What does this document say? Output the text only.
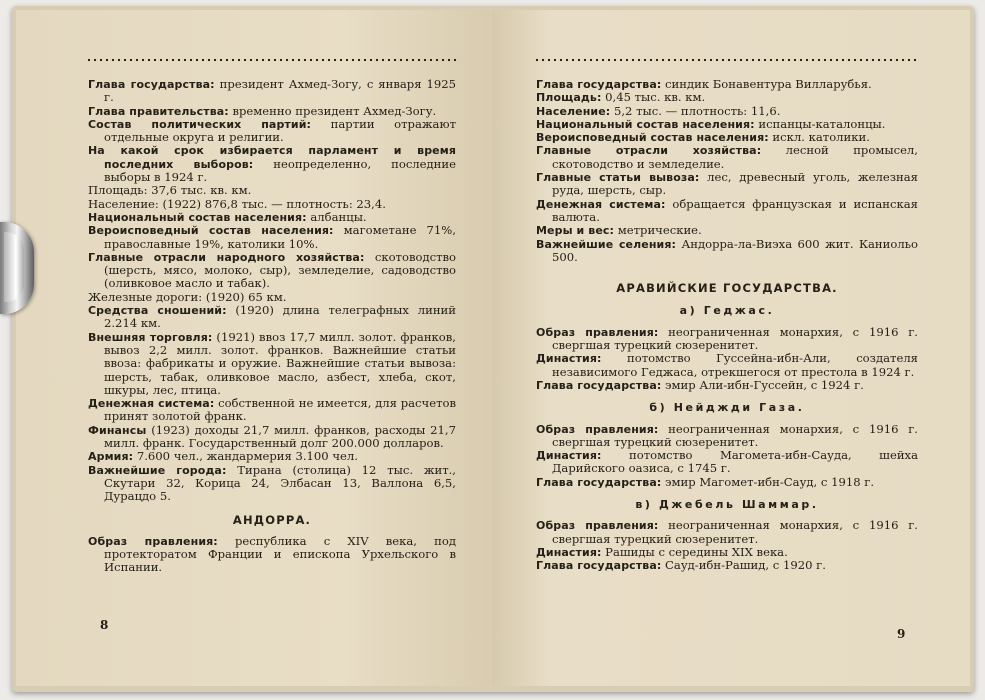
Глава государства: президент Ахмед-Зогу, с января 1925 г.

Глава правительства: временно президент Ахмед-Зогу.

Состав политических партий: партии отражают отдельные округа и религии.

На какой срок избирается парламент и время последних выборов: неопределенно, последние выборы в 1924 г.

Площадь: 37,6 тыс. кв. км.

Население: (1922) 876,8 тыс. — плотность: 23,4.

Национальный состав населения: албанцы.

Вероисповедный состав населения: магометане 71%, православные 19%, католики 10%.

Главные отрасли народного хозяйства: скотоводство (шерсть, мясо, молоко, сыр), земледелие, садоводство (оливковое масло и табак).

Железные дороги: (1920) 65 км.

Средства сношений: (1920) длина телеграфных линий 2.214 км.

Внешняя торговля: (1921) ввоз 17,7 милл. золот. франков, вывоз 2,2 милл. золот. франков. Важнейшие статьи ввоза: фабрикаты и оружие. Важнейшие статьи вывоза: шерсть, табак, оливковое масло, азбест, хлеба, скот, шкуры, лес, птица.

Денежная система: собственной не имеется, для расчетов принят золотой франк.

Финансы (1923) доходы 21,7 милл. франков, расходы 21,7 милл. франк. Государственный долг 200.000 долларов.

Армия: 7.600 чел., жандармерия 3.100 чел.

Важнейшие города: Тирана (столица) 12 тыс. жит., Скутари 32, Корица 24, Элбасан 13, Валлона 6,5, Дурацдо 5.

АНДОРРА.

Образ правления: республика с XIV века, под протекторатом Франции и епископа Урхельского в Испании.

8

Глава государства: синдик Бонавентура Вилларубья.

Площадь: 0,45 тыс. кв. км.

Население: 5,2 тыс. — плотность: 11,6.

Национальный состав населения: испанцы-каталонцы.

Вероисповедный состав населения: искл. католики.

Главные отрасли хозяйства: лесной промысел, скотоводство и земледелие.

Главные статьи вывоза: лес, древесный уголь, железная руда, шерсть, сыр.

Денежная система: обращается французская и испанская валюта.

Меры и вес: метрические.

Важнейшие селения: Андорра-ла-Виэха 600 жит. Каниольо 500.

АРАВИЙСКИЕ ГОСУДАРСТВА.
а) Геджас.

Образ правления: неограниченная монархия, с 1916 г. свергшая турецкий сюзеренитет.

Династия: потомство Гуссейна-ибн-Али, создателя независимого Геджаса, отрекшегося от престола в 1924 г.

Глава государства: эмир Али-ибн-Гуссейн, с 1924 г.

б) Нейджди Газа.

Образ правления: неограниченная монархия, с 1916 г. свергшая турецкий сюзеренитет.

Династия: потомство Магомета-ибн-Сауда, шейха Дарийского оазиса, с 1745 г.

Глава государства: эмир Магомет-ибн-Сауд, с 1918 г.

в) Джебель Шаммар.

Образ правления: неограниченная монархия, с 1916 г. свергшая турецкий сюзеренитет.

Династия: Рашиды с середины XIX века.

Глава государства: Сауд-ибн-Рашид, с 1920 г.

9
